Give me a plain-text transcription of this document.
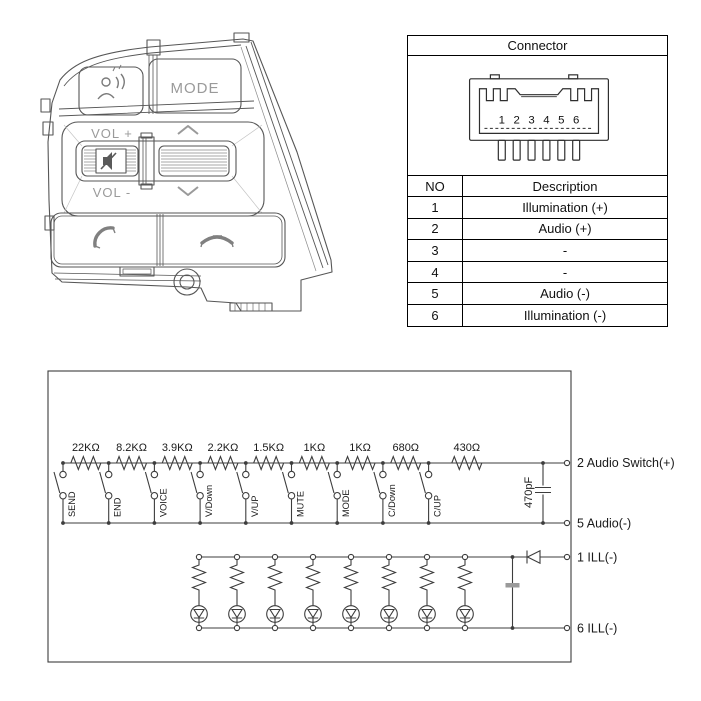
MODE
VOL +
VOL -
Connector
1 2 3 4 5 6
NO	Description
1	Illumination (+)
2	Audio (+)
3	-
4	-
5	Audio (-)
6	Illumination (-)
22KΩ 8.2KΩ 3.9KΩ 2.2KΩ 1.5KΩ 1KΩ 1KΩ 680Ω	430Ω
SEND	END	VOICE	V/Down	V/UP	MUTE	MODE	C/Down	C/UP	470pF
2 Audio Switch(+)
5 Audio(-)
1 ILL(-)
6 ILL(-)
